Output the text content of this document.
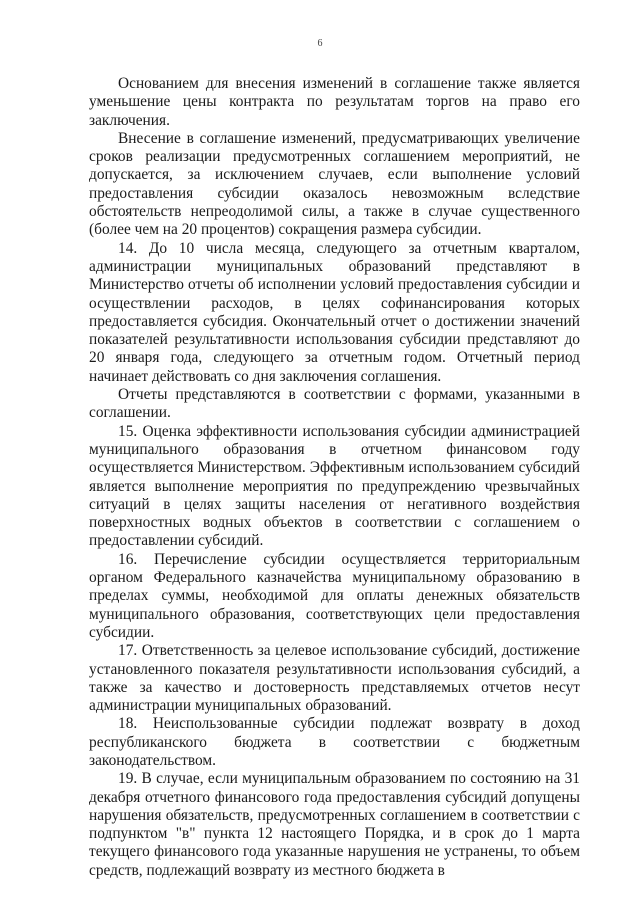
6

Основанием для внесения изменений в соглашение также является уменьшение цены контракта по результатам торгов на право его заключения.

Внесение в соглашение изменений, предусматривающих увеличение сроков реализации предусмотренных соглашением мероприятий, не допускается, за исключением случаев, если выполнение условий предоставления субсидии оказалось невозможным вследствие обстоятельств непреодолимой силы, а также в случае существенного (более чем на 20 процентов) сокращения размера субсидии.

14. До 10 числа месяца, следующего за отчетным кварталом, администрации муниципальных образований представляют в Министерство отчеты об исполнении условий предоставления субсидии и осуществлении расходов, в целях софинансирования которых предоставляется субсидия. Окончательный отчет о достижении значений показателей результативности использования субсидии представляют до 20 января года, следующего за отчетным годом. Отчетный период начинает действовать со дня заключения соглашения.

Отчеты представляются в соответствии с формами, указанными в соглашении.

15. Оценка эффективности использования субсидии администрацией муниципального образования в отчетном финансовом году осуществляется Министерством. Эффективным использованием субсидий является выполнение мероприятия по предупреждению чрезвычайных ситуаций в целях защиты населения от негативного воздействия поверхностных водных объектов в соответствии с соглашением о предоставлении субсидий.

16. Перечисление субсидии осуществляется территориальным органом Федерального казначейства муниципальному образованию в пределах суммы, необходимой для оплаты денежных обязательств муниципального образования, соответствующих цели предоставления субсидии.

17. Ответственность за целевое использование субсидий, достижение установленного показателя результативности использования субсидий, а также за качество и достоверность представляемых отчетов несут администрации муниципальных образований.

18. Неиспользованные субсидии подлежат возврату в доход республиканского бюджета в соответствии с бюджетным законодательством.

19. В случае, если муниципальным образованием по состоянию на 31 декабря отчетного финансового года предоставления субсидий допущены нарушения обязательств, предусмотренных соглашением в соответствии с подпунктом "в" пункта 12 настоящего Порядка, и в срок до 1 марта текущего финансового года указанные нарушения не устранены, то объем средств, подлежащий возврату из местного бюджета в
